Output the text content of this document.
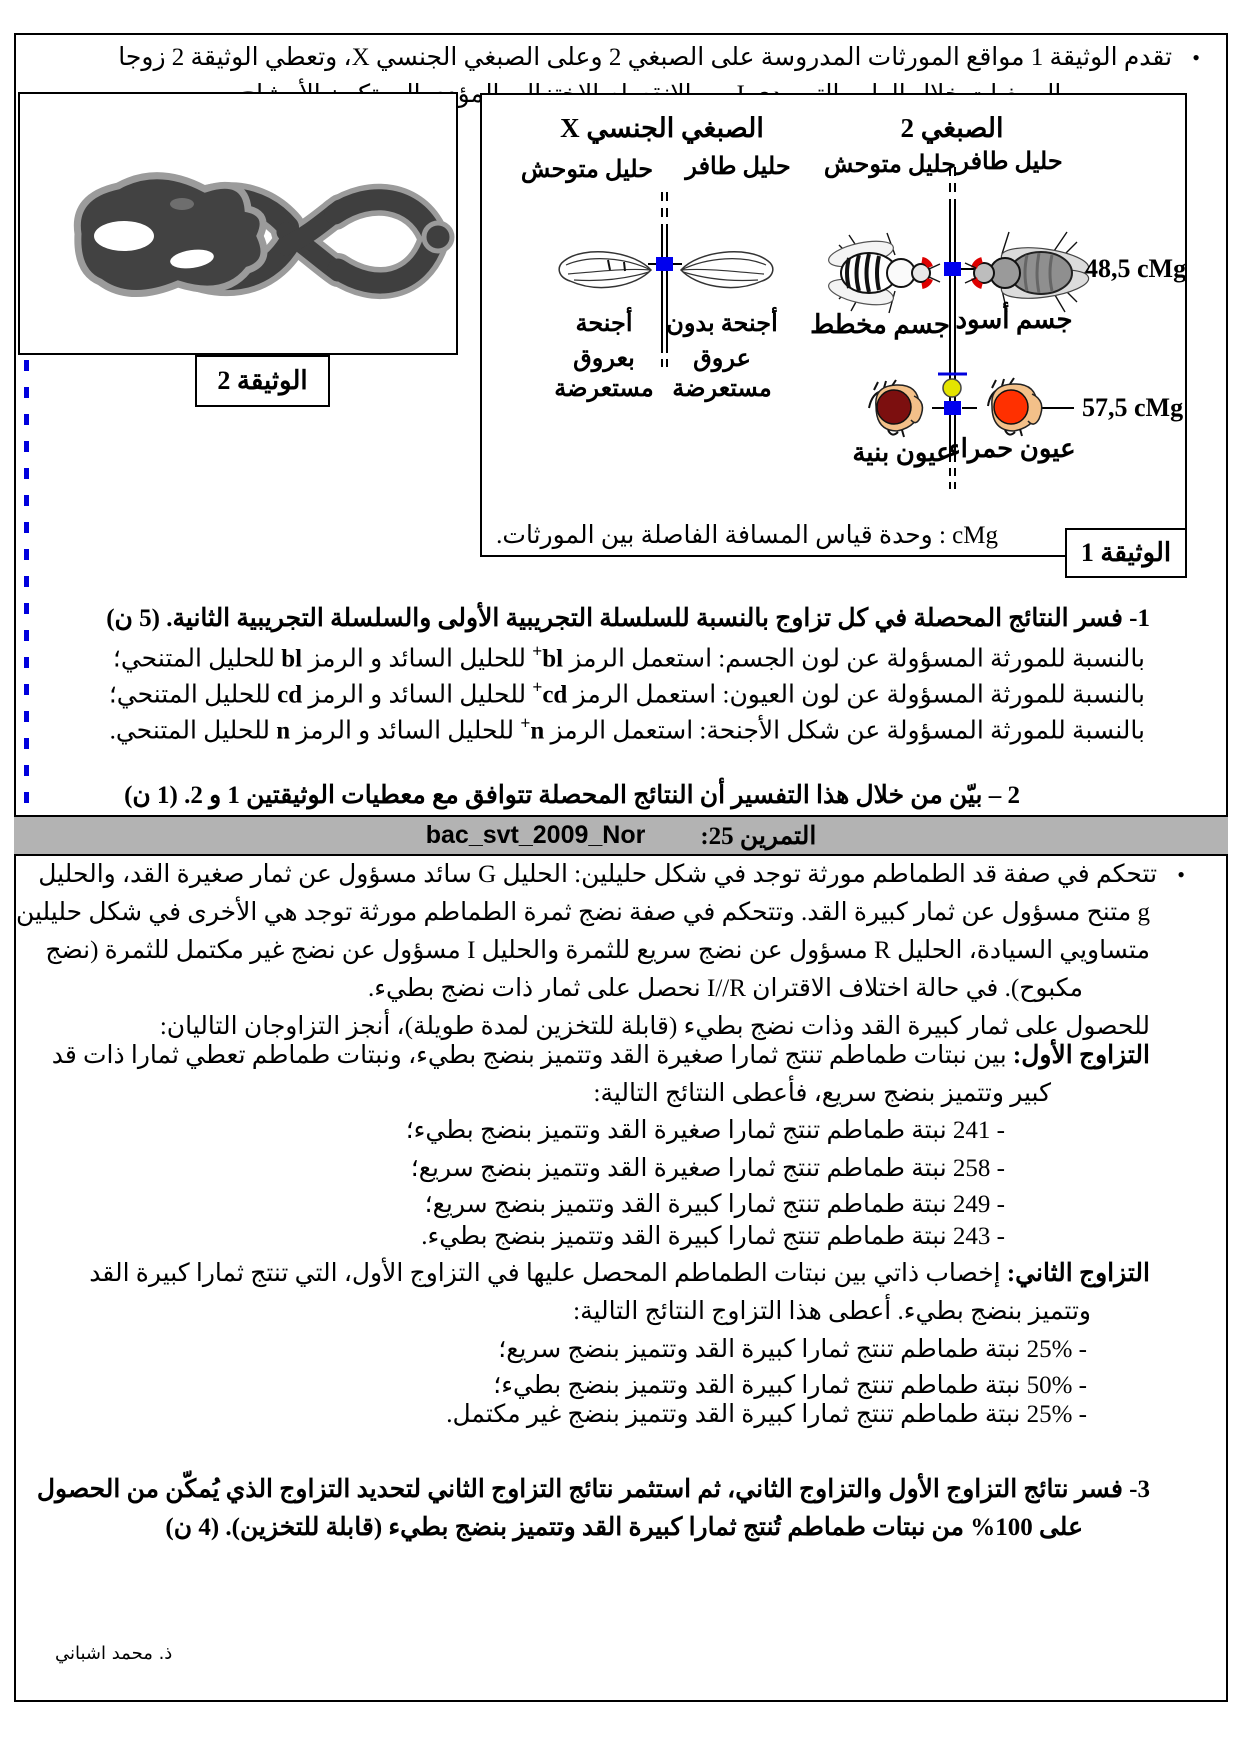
• تقدم الوثيقة 1 مواقع المورثات المدروسة على الصبغي 2 وعلى الصبغي الجنسي X، وتعطي الوثيقة 2 زوجا
المؤدي
الوثيقة 2
الصبغي الجنسي X	الصبغي 2
حليل متوحش حليل طافر حليل متوحش حليل طافر
أجنحة
بعروق
مستعرضة
أجنحة بدون
عروق
مستعرضة
جسم مخطط جسم أسود
48,5 cMg
عيون بنية
عيون حمراء
57,5 cMg
cMg : وحدة قياس المسافة الفاصلة بين المورثات.
الوثيقة 1
1- فسر النتائج المحصلة في كل تزاوج بالنسبة للسلسلة التجريبية الأولى والسلسلة التجريبية الثانية. (5 ن)
بالنسبة للمورثة المسؤولة عن لون الجسم: استعمل الرمز bl+ للحليل السائد و الرمز bl للحليل المتنحي؛
بالنسبة للمورثة المسؤولة عن لون العيون: استعمل الرمز cd+ للحليل السائد و الرمز cd للحليل المتنحي؛
بالنسبة للمورثة المسؤولة عن شكل الأجنحة: استعمل الرمز n+ للحليل السائد و الرمز n للحليل المتنحي.
2 – بيّن من خلال هذا التفسير أن النتائج المحصلة تتوافق مع معطيات الوثيقتين 1 و 2. (1 ن)
التمرين 25:
bac_svt_2009_Nor
• تتحكم في صفة قد الطماطم مورثة توجد في شكل حليلين: الحليل G سائد مسؤول عن ثمار صغيرة القد، والحليل
g متنح مسؤول عن ثمار كبيرة القد. وتتحكم في صفة نضج ثمرة الطماطم مورثة توجد هي الأخرى في شكل حليلين
متساويي السيادة، الحليل R مسؤول عن نضج سريع للثمرة والحليل I مسؤول عن نضج غير مكتمل للثمرة (نضج
مكبوح). في حالة اختلاف الاقتران I//R نحصل على ثمار ذات نضج بطيء.
للحصول على ثمار كبيرة القد وذات نضج بطيء (قابلة للتخزين لمدة طويلة)، أنجز التزاوجان التاليان:
التزاوج الأول: بين نبتات طماطم تنتج ثمارا صغيرة القد وتتميز بنضج بطيء، ونبتات طماطم تعطي ثمارا ذات قد
كبير وتتميز بنضج سريع، فأعطى النتائج التالية:
- 241 نبتة طماطم تنتج ثمارا صغيرة القد وتتميز بنضج بطيء؛
- 258 نبتة طماطم تنتج ثمارا صغيرة القد وتتميز بنضج سريع؛
- 249 نبتة طماطم تنتج ثمارا كبيرة القد وتتميز بنضج سريع؛
- 243 نبتة طماطم تنتج ثمارا كبيرة القد وتتميز بنضج بطيء.
التزاوج الثاني: إخصاب ذاتي بين نبتات الطماطم المحصل عليها في التزاوج الأول، التي تنتج ثمارا كبيرة القد
وتتميز بنضج بطيء. أعطى هذا التزاوج النتائج التالية:
- 25% نبتة طماطم تنتج ثمارا كبيرة القد وتتميز بنضج سريع؛
- 50% نبتة طماطم تنتج ثمارا كبيرة القد وتتميز بنضج بطيء؛
- 25% نبتة طماطم تنتج ثمارا كبيرة القد وتتميز بنضج غير مكتمل.
3- فسر نتائج التزاوج الأول والتزاوج الثاني، ثم استثمر نتائج التزاوج الثاني لتحديد التزاوج الذي يُمكّن من الحصول
على 100% من نبتات طماطم تُنتج ثمارا كبيرة القد وتتميز بنضج بطيء (قابلة للتخزين). (4 ن)
ذ. محمد اشباني
